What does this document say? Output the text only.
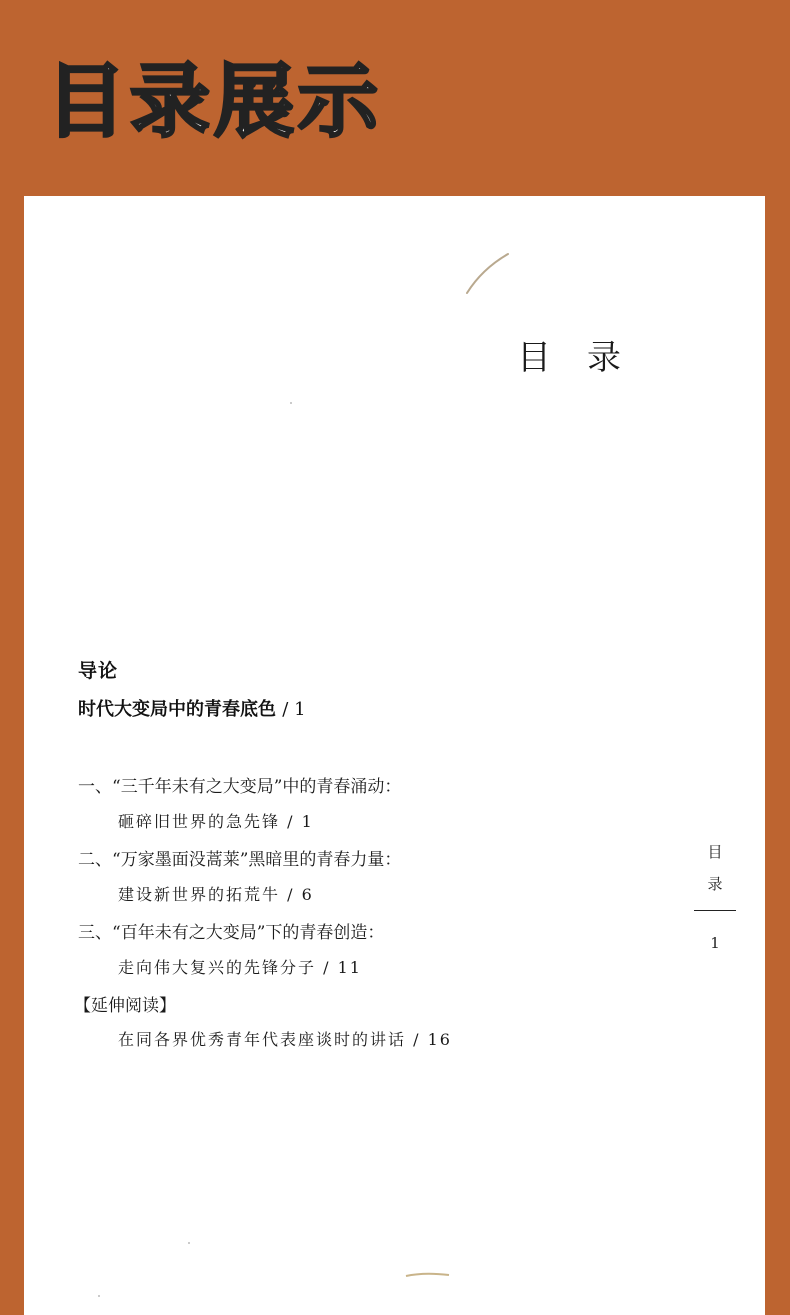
目录展示
目 录
导论
时代大变局中的青春底色 / 1
一、“三千年未有之大变局”中的青春涌动：
砸碎旧世界的急先锋 / 1
二、“万家墨面没蒿莱”黑暗里的青春力量：
建设新世界的拓荒牛 / 6
三、“百年未有之大变局”下的青春创造：
走向伟大复兴的先锋分子 / 11
【延伸阅读】
在同各界优秀青年代表座谈时的讲话 / 16
目
录
1
